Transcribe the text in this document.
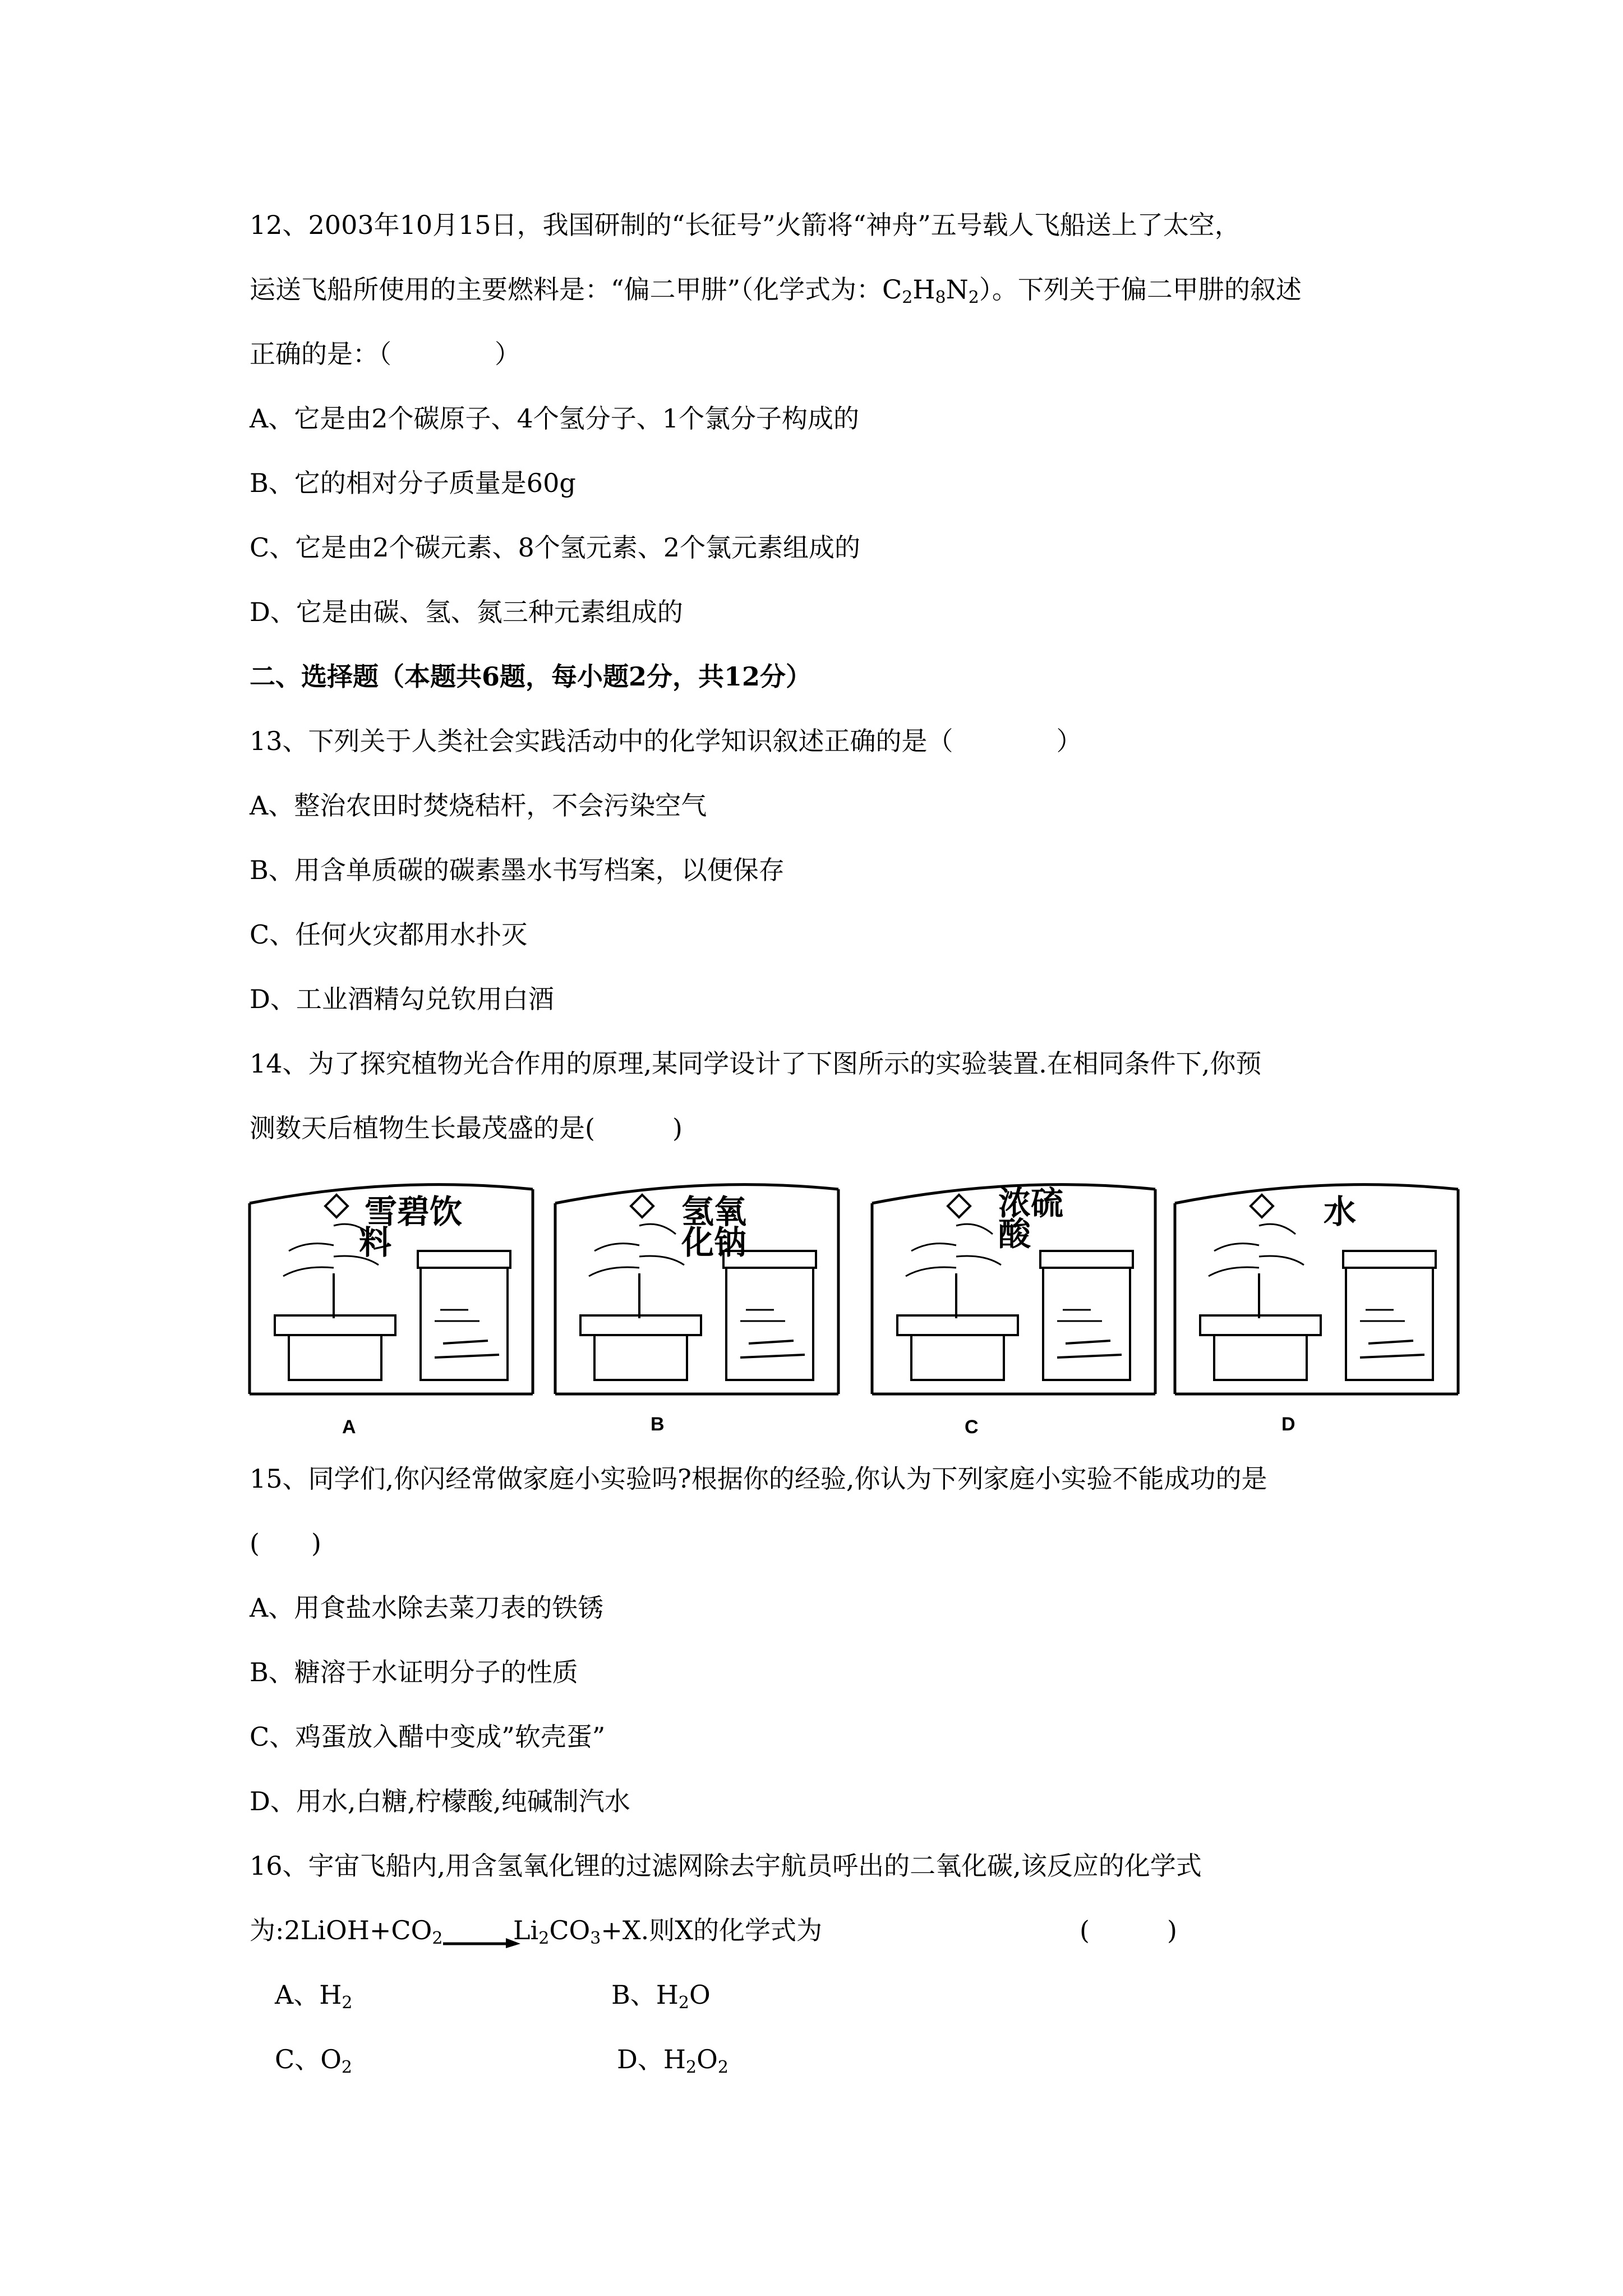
12、2003年10月15日，我国研制的“长征号”火箭将“神舟”五号载人飞船送上了太空，
运送飞船所使用的主要燃料是：“偏二甲肼”（化学式为：$C_2H_8N_2$）。下列关于偏二甲肼的叙述
正确的是：（　　　　）
A、它是由2个碳原子、4个氢分子、1个氯分子构成的
B、它的相对分子质量是60g
C、它是由2个碳元素、8个氢元素、2个氯元素组成的
D、它是由碳、氢、氮三种元素组成的
二、选择题（本题共6题，每小题2分，共12分）
13、下列关于人类社会实践活动中的化学知识叙述正确的是（　　　　）
A、整治农田时焚烧秸杆，不会污染空气
B、用含单质碳的碳素墨水书写档案，以便保存
C、任何火灾都用水扑灭
D、工业酒精勾兑钦用白酒
14、为了探究植物光合作用的原理,某同学设计了下图所示的实验装置.在相同条件下,你预
测数天后植物生长最茂盛的是(　　　)
雪碧饮
料
A
氢氧
化钠
B
浓硫
酸
C
水
D
15、同学们,你闪经常做家庭小实验吗?根据你的经验,你认为下列家庭小实验不能成功的是
(　　)
A、用食盐水除去菜刀表的铁锈
B、糖溶于水证明分子的性质
C、鸡蛋放入醋中变成”软壳蛋”
D、用水,白糖,柠檬酸,纯碱制汽水
16、宇宙飞船内,用含氢氧化锂的过滤网除去宇航员呼出的二氧化碳,该反应的化学式
为$:2LiOH+CO_2$	$Li_2CO_3+X$.则X的化学式为	(　　　)
A、$H_2$	B、$H_2O$
C、$O_2$	D、$H_2O_2$
